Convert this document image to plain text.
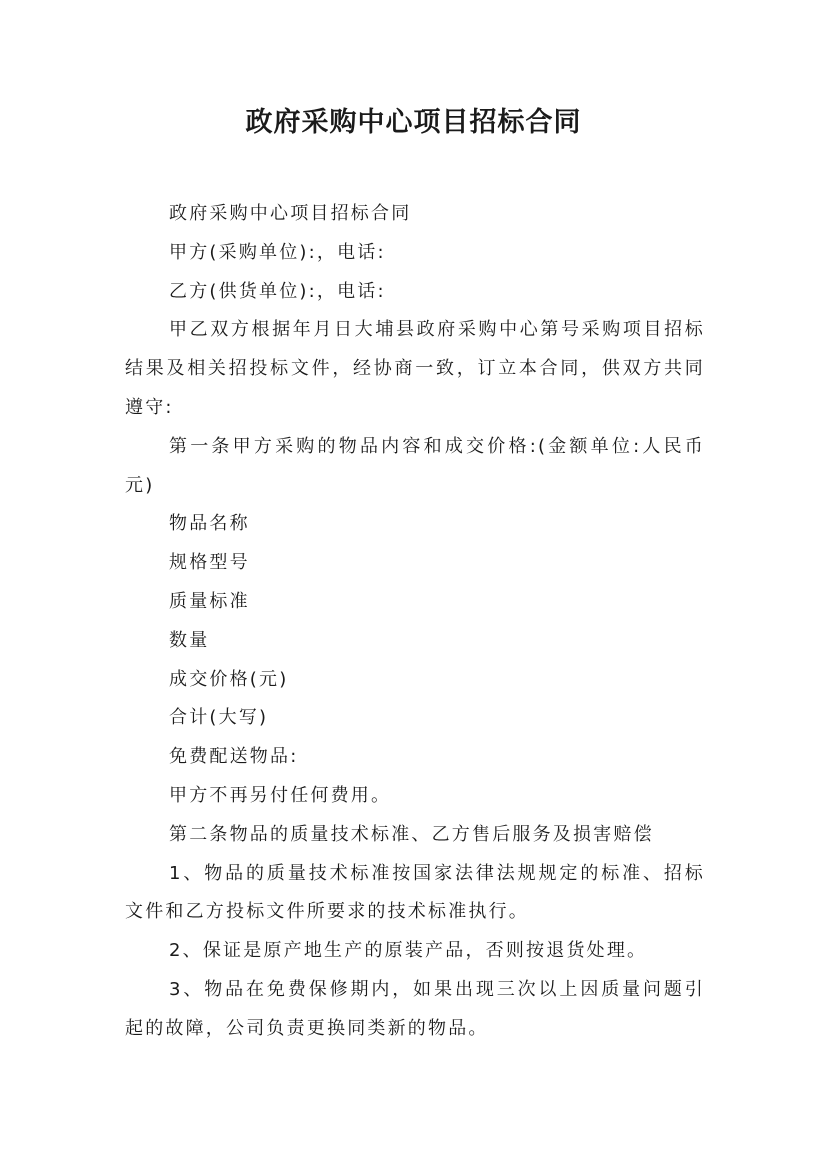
政府采购中心项目招标合同

政府采购中心项目招标合同

甲方(采购单位):，电话:

乙方(供货单位):，电话:

甲乙双方根据年月日大埔县政府采购中心第号采购项目招标结果及相关招投标文件，经协商一致，订立本合同，供双方共同遵守:

第一条甲方采购的物品内容和成交价格:(金额单位:人民币元)

物品名称

规格型号

质量标准

数量

成交价格(元)

合计(大写)

免费配送物品:

甲方不再另付任何费用。

第二条物品的质量技术标准、乙方售后服务及损害赔偿

1、物品的质量技术标准按国家法律法规规定的标准、招标文件和乙方投标文件所要求的技术标准执行。

2、保证是原产地生产的原装产品，否则按退货处理。

3、物品在免费保修期内，如果出现三次以上因质量问题引起的故障，公司负责更换同类新的物品。
